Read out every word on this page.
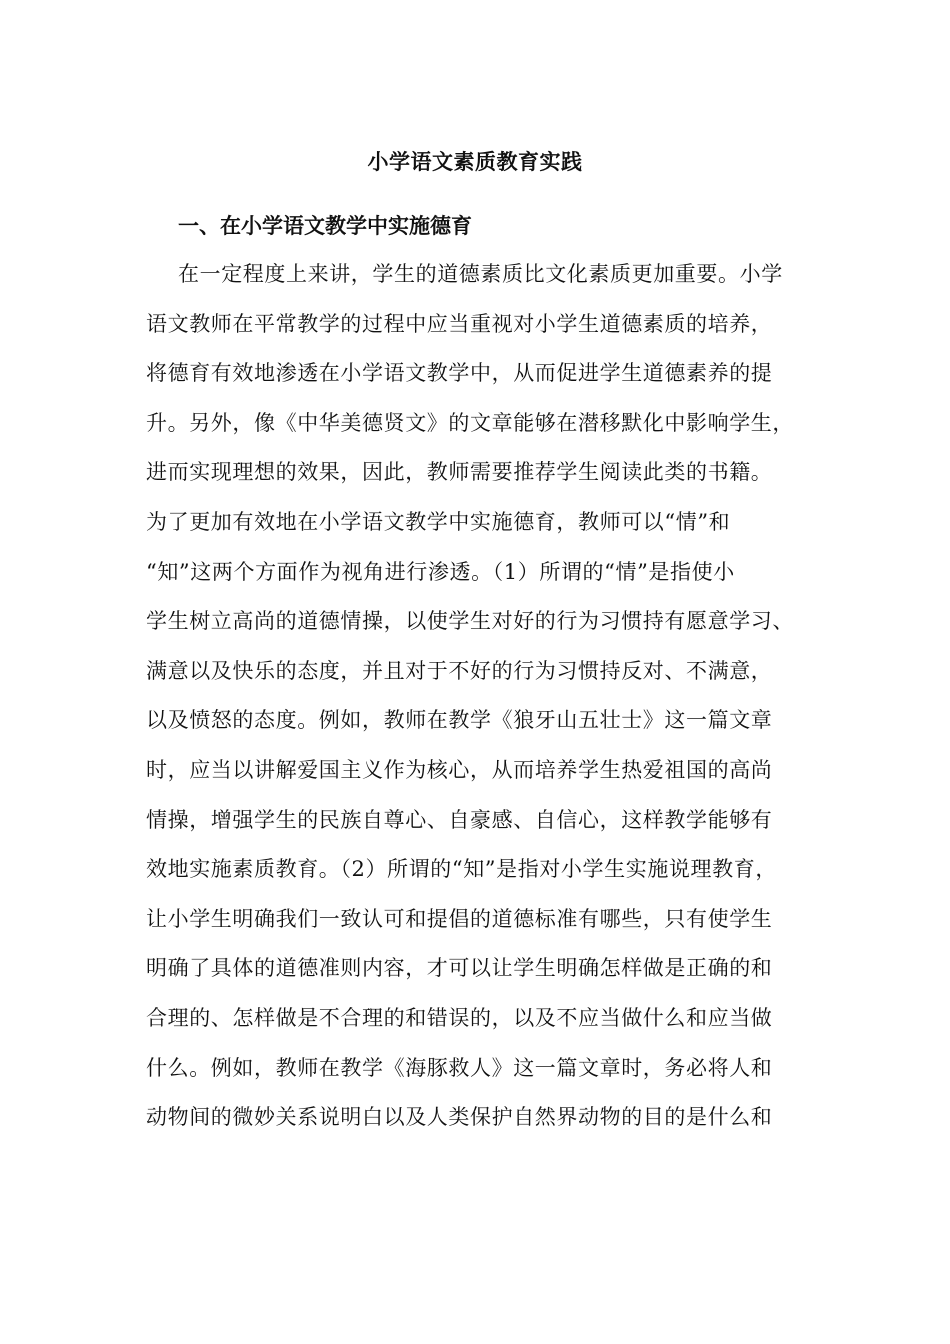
小学语文素质教育实践
一、在小学语文教学中实施德育
在一定程度上来讲，学生的道德素质比文化素质更加重要。小学
语文教师在平常教学的过程中应当重视对小学生道德素质的培养，
将德育有效地渗透在小学语文教学中，从而促进学生道德素养的提
升。另外，像《中华美德贤文》的文章能够在潜移默化中影响学生，
进而实现理想的效果，因此，教师需要推荐学生阅读此类的书籍。
为了更加有效地在小学语文教学中实施德育，教师可以“情”和
“知”这两个方面作为视角进行渗透。（1）所谓的“情”是指使小
学生树立高尚的道德情操，以使学生对好的行为习惯持有愿意学习、
满意以及快乐的态度，并且对于不好的行为习惯持反对、不满意，
以及愤怒的态度。例如，教师在教学《狼牙山五壮士》这一篇文章
时，应当以讲解爱国主义作为核心，从而培养学生热爱祖国的高尚
情操，增强学生的民族自尊心、自豪感、自信心，这样教学能够有
效地实施素质教育。（2）所谓的“知”是指对小学生实施说理教育，
让小学生明确我们一致认可和提倡的道德标准有哪些，只有使学生
明确了具体的道德准则内容，才可以让学生明确怎样做是正确的和
合理的、怎样做是不合理的和错误的，以及不应当做什么和应当做
什么。例如，教师在教学《海豚救人》这一篇文章时，务必将人和
动物间的微妙关系说明白以及人类保护自然界动物的目的是什么和
